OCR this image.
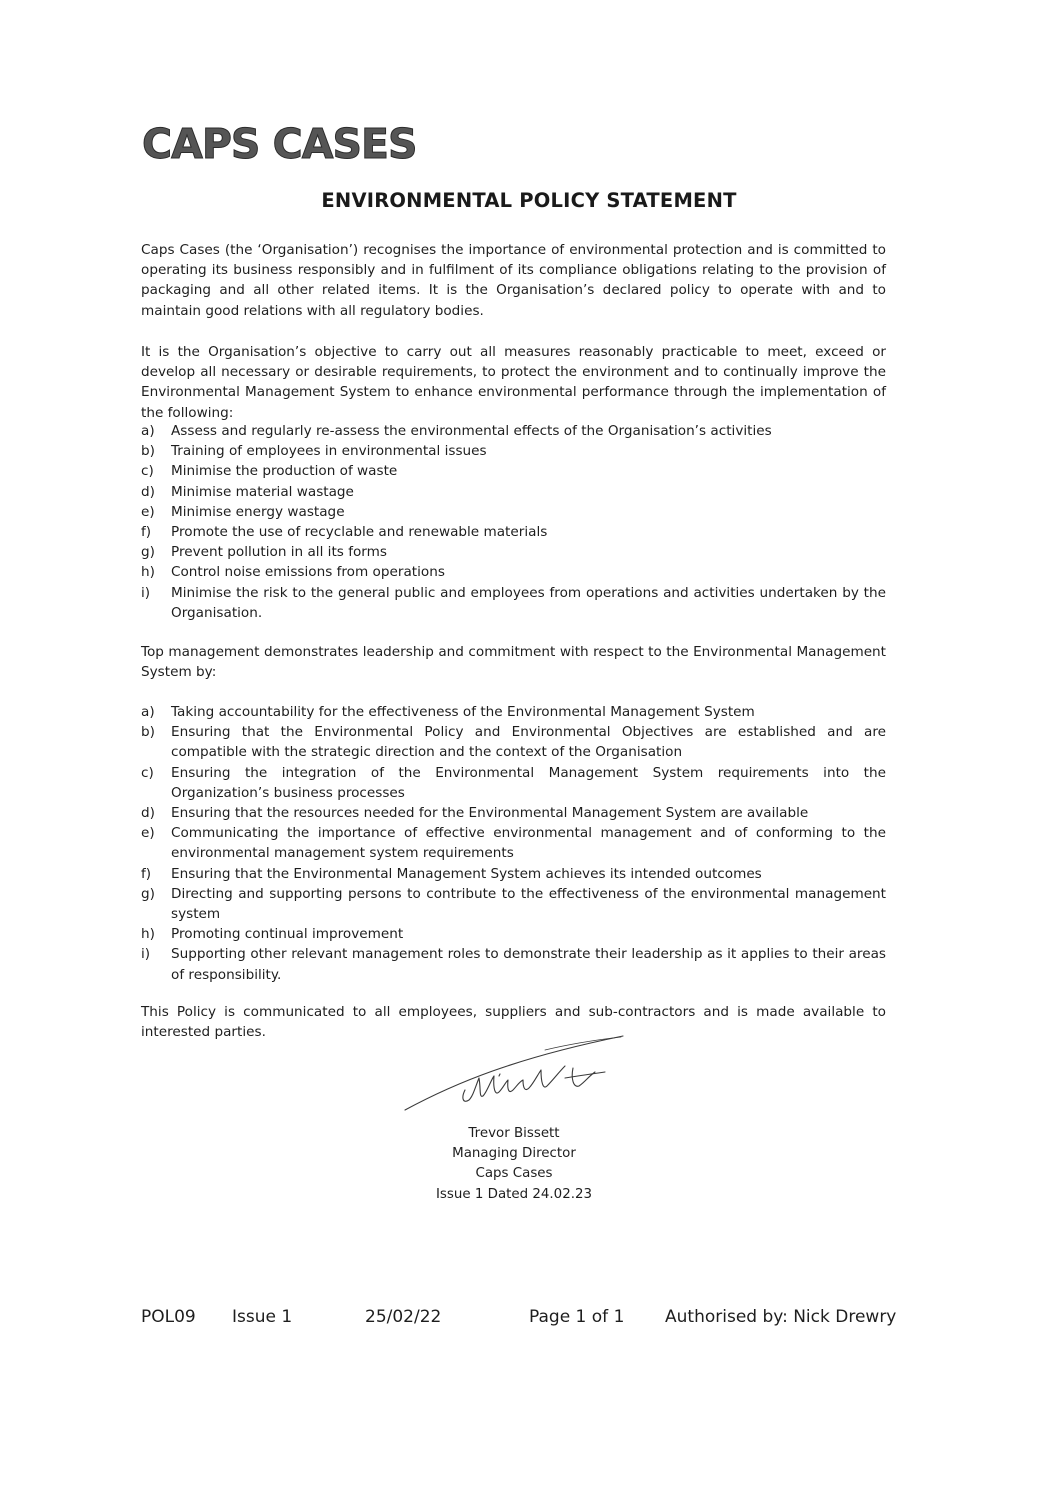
CAPS CASES
ENVIRONMENTAL POLICY STATEMENT

Caps Cases (the ‘Organisation’) recognises the importance of environmental protection and is committed to operating its business responsibly and in fulfilment of its compliance obligations relating to the provision of packaging and all other related items. It is the Organisation’s declared policy to operate with and to maintain good relations with all regulatory bodies.

It is the Organisation’s objective to carry out all measures reasonably practicable to meet, exceed or develop all necessary or desirable requirements, to protect the environment and to continually improve the Environmental Management System to enhance environmental performance through the implementation of the following:

a) Assess and regularly re-assess the environmental effects of the Organisation’s activities
b) Training of employees in environmental issues
c) Minimise the production of waste
d) Minimise material wastage
e) Minimise energy wastage
f) Promote the use of recyclable and renewable materials
g) Prevent pollution in all its forms
h) Control noise emissions from operations
i) Minimise the risk to the general public and employees from operations and activities undertaken by the Organisation.

Top management demonstrates leadership and commitment with respect to the Environmental Management System by:

a) Taking accountability for the effectiveness of the Environmental Management System
b) Ensuring that the Environmental Policy and Environmental Objectives are established and are compatible with the strategic direction and the context of the Organisation
c) Ensuring the integration of the Environmental Management System requirements into the Organization’s business processes
d) Ensuring that the resources needed for the Environmental Management System are available
e) Communicating the importance of effective environmental management and of conforming to the environmental management system requirements
f) Ensuring that the Environmental Management System achieves its intended outcomes
g) Directing and supporting persons to contribute to the effectiveness of the environmental management system
h) Promoting continual improvement
i) Supporting other relevant management roles to demonstrate their leadership as it applies to their areas of responsibility.

This Policy is communicated to all employees, suppliers and sub-contractors and is made available to interested parties.

Trevor Bissett
Managing Director
Caps Cases
Issue 1 Dated 24.02.23
POL09 Issue 1	25/02/22	Page 1 of 1 Authorised by: Nick Drewry
